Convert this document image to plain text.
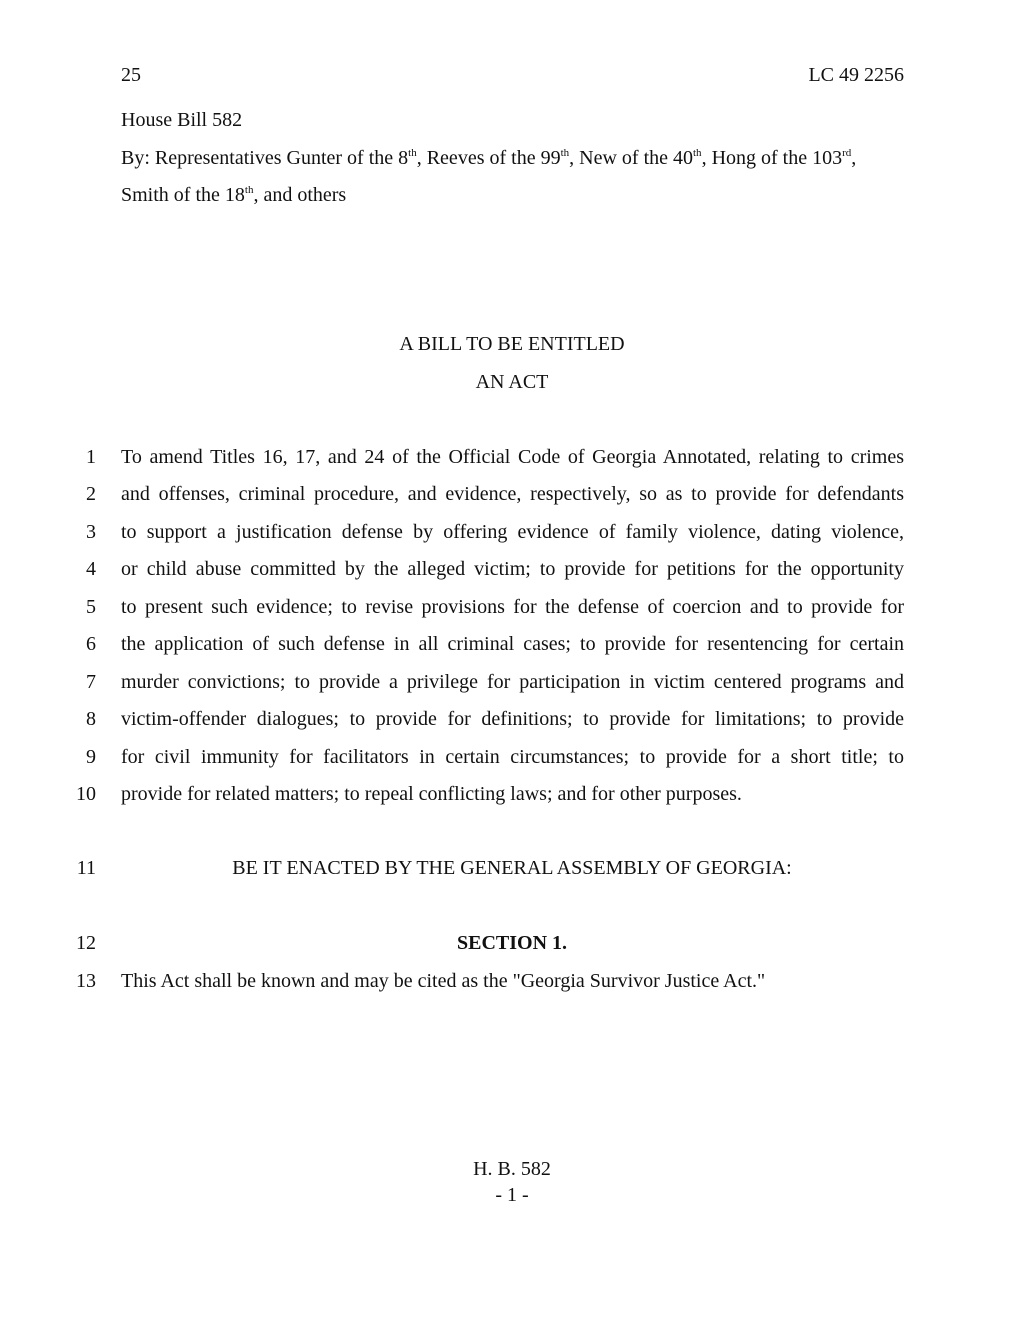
25	LC 49 2256
House Bill 582
By: Representatives Gunter of the 8th, Reeves of the 99th, New of the 40th, Hong of the 103rd,
Smith of the 18th, and others
A BILL TO BE ENTITLED
AN ACT
1 To amend Titles 16, 17, and 24 of the Official Code of Georgia Annotated, relating to crimes
2 and offenses, criminal procedure, and evidence, respectively, so as to provide for defendants
3 to support a justification defense by offering evidence of family violence, dating violence,
4 or child abuse committed by the alleged victim; to provide for petitions for the opportunity
5 to present such evidence; to revise provisions for the defense of coercion and to provide for
6 the application of such defense in all criminal cases; to provide for resentencing for certain
7 murder convictions; to provide a privilege for participation in victim centered programs and
8 victim-offender dialogues; to provide for definitions; to provide for limitations; to provide
9 for civil immunity for facilitators in certain circumstances; to provide for a short title; to
10 provide for related matters; to repeal conflicting laws; and for other purposes.
11	BE IT ENACTED BY THE GENERAL ASSEMBLY OF GEORGIA:
12	SECTION 1.
13 This Act shall be known and may be cited as the "Georgia Survivor Justice Act."
H. B. 582
- 1 -
